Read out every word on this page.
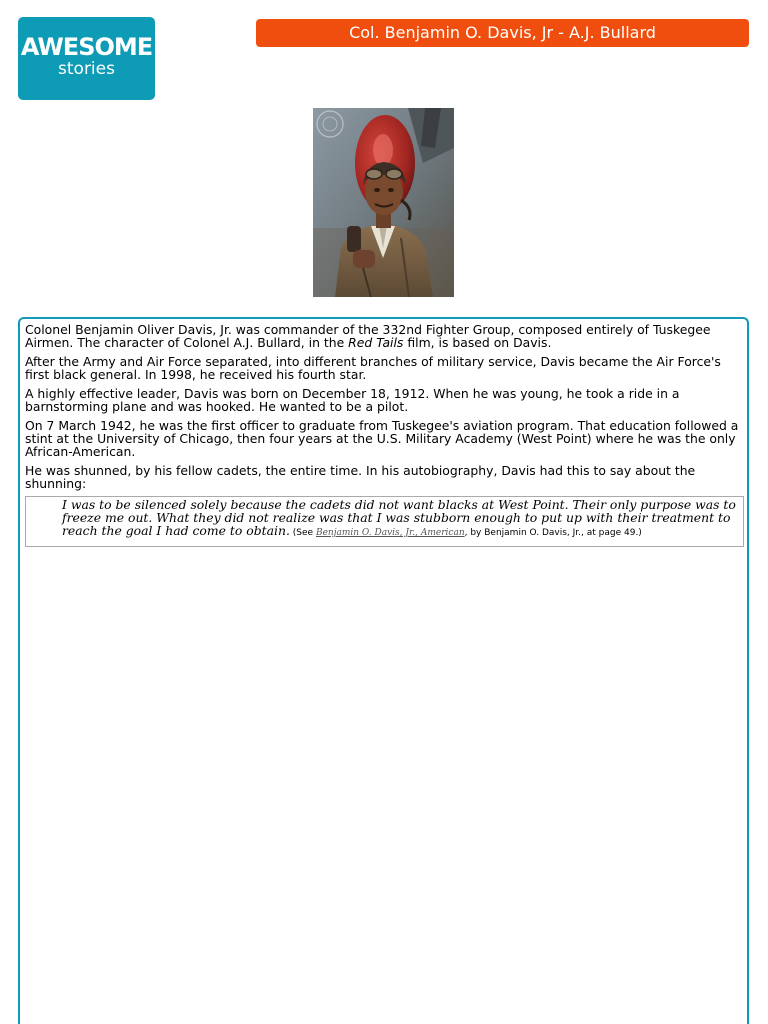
AWESOME
stories
Col. Benjamin O. Davis, Jr - A.J. Bullard

Colonel Benjamin Oliver Davis, Jr. was commander of the 332nd Fighter Group, composed entirely of Tuskegee Airmen. The character of Colonel A.J. Bullard, in the Red Tails film, is based on Davis.

After the Army and Air Force separated, into different branches of military service, Davis became the Air Force's first black general. In 1998, he received his fourth star.

A highly effective leader, Davis was born on December 18, 1912. When he was young, he took a ride in a barnstorming plane and was hooked. He wanted to be a pilot.

On 7 March 1942, he was the first officer to graduate from Tuskegee's aviation program. That education followed a stint at the University of Chicago, then four years at the U.S. Military Academy (West Point) where he was the only African-American.

He was shunned, by his fellow cadets, the entire time. In his autobiography, Davis had this to say about the shunning:

I was to be silenced solely because the cadets did not want blacks at West Point. Their only purpose was to freeze me out. What they did not realize was that I was stubborn enough to put up with their treatment to reach the goal I had come to obtain. (See Benjamin O. Davis, Jr., American, by Benjamin O. Davis, Jr., at page 49.)
